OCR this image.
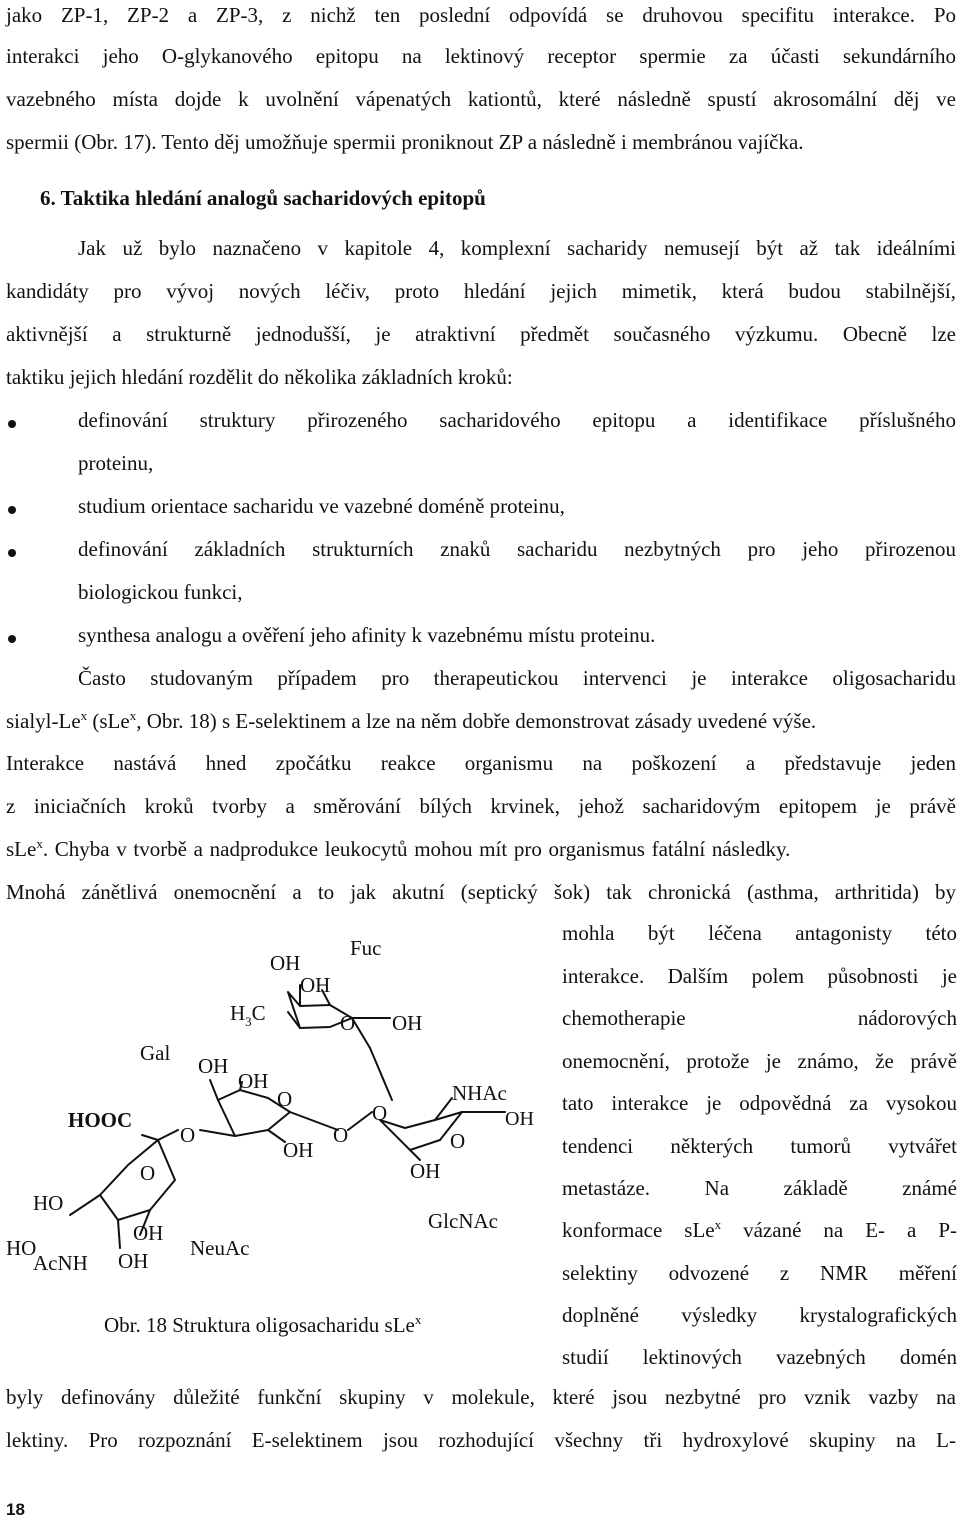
jako ZP-1, ZP-2 a ZP-3, z nichž ten poslední odpovídá se druhovou specifitu interakce. Po
interakci jeho O-glykanového epitopu na lektinový receptor spermie za účasti sekundárního
vazebného místa dojde k uvolnění vápenatých kationtů, které následně spustí akrosomální děj ve
spermii (Obr. 17). Tento děj umožňuje spermii proniknout ZP a následně i membránou vajíčka.
6. Taktika hledání analogů sacharidových epitopů
Jak už bylo naznačeno v kapitole 4, komplexní sacharidy nemusejí být až tak ideálními
kandidáty pro vývoj nových léčiv, proto hledání jejich mimetik, která budou stabilnější,
aktivnější a strukturně jednodušší, je atraktivní předmět současného výzkumu. Obecně lze
taktiku jejich hledání rozdělit do několika základních kroků:
definování struktury přirozeného sacharidového epitopu a identifikace příslušného
proteinu,
studium orientace sacharidu ve vazebné doméně proteinu,
definování základních strukturních znaků sacharidu nezbytných pro jeho přirozenou
biologickou funkci,
synthesa analogu a ověření jeho afinity k vazebnému místu proteinu.
Často studovaným případem pro therapeutickou intervenci je interakce oligosacharidu
sialyl-Le$^x$ (sLe$^x$, Obr. 18) s E-selektinem a lze na něm dobře demonstrovat zásady uvedené výše.
Interakce nastává hned zpočátku reakce organismu na poškození a představuje jeden
z iniciačních kroků tvorby a směrování bílých krvinek, jehož sacharidovým epitopem je právě
sLe$^x$. Chyba v tvorbě a nadprodukce leukocytů mohou mít pro organismus fatální následky.
Mnohá zánětlivá onemocnění a to jak akutní (septický šok) tak chronická (asthma, arthritida) by
mohla být léčena antagonisty této
interakce. Dalším polem působnosti je
chemotherapie nádorových
onemocnění, protože je známo, že právě
tato interakce je odpovědná za vysokou
tendenci některých tumorů vytvářet
metastáze. Na základě známé
konformace sLe$^x$ vázané na E- a P-
selektiny odvozené z NMR měření
doplněné výsledky krystalografických
studií lektinových vazebných domén
Fuc
OH
OH
$H_3C$	O OH
Gal
OH
OH
O	NHAc
O	OH
HOOC
O	O	O
OH
O	OH
HO
GlcNAc
OH
HO	NeuAc
AcNH OH
Obr. 18 Struktura oligosacharidu sLe$^x$
byly definovány důležité funkční skupiny v molekule, které jsou nezbytné pro vznik vazby na
lektiny. Pro rozpoznání E-selektinem jsou rozhodující všechny tři hydroxylové skupiny na L-
18
